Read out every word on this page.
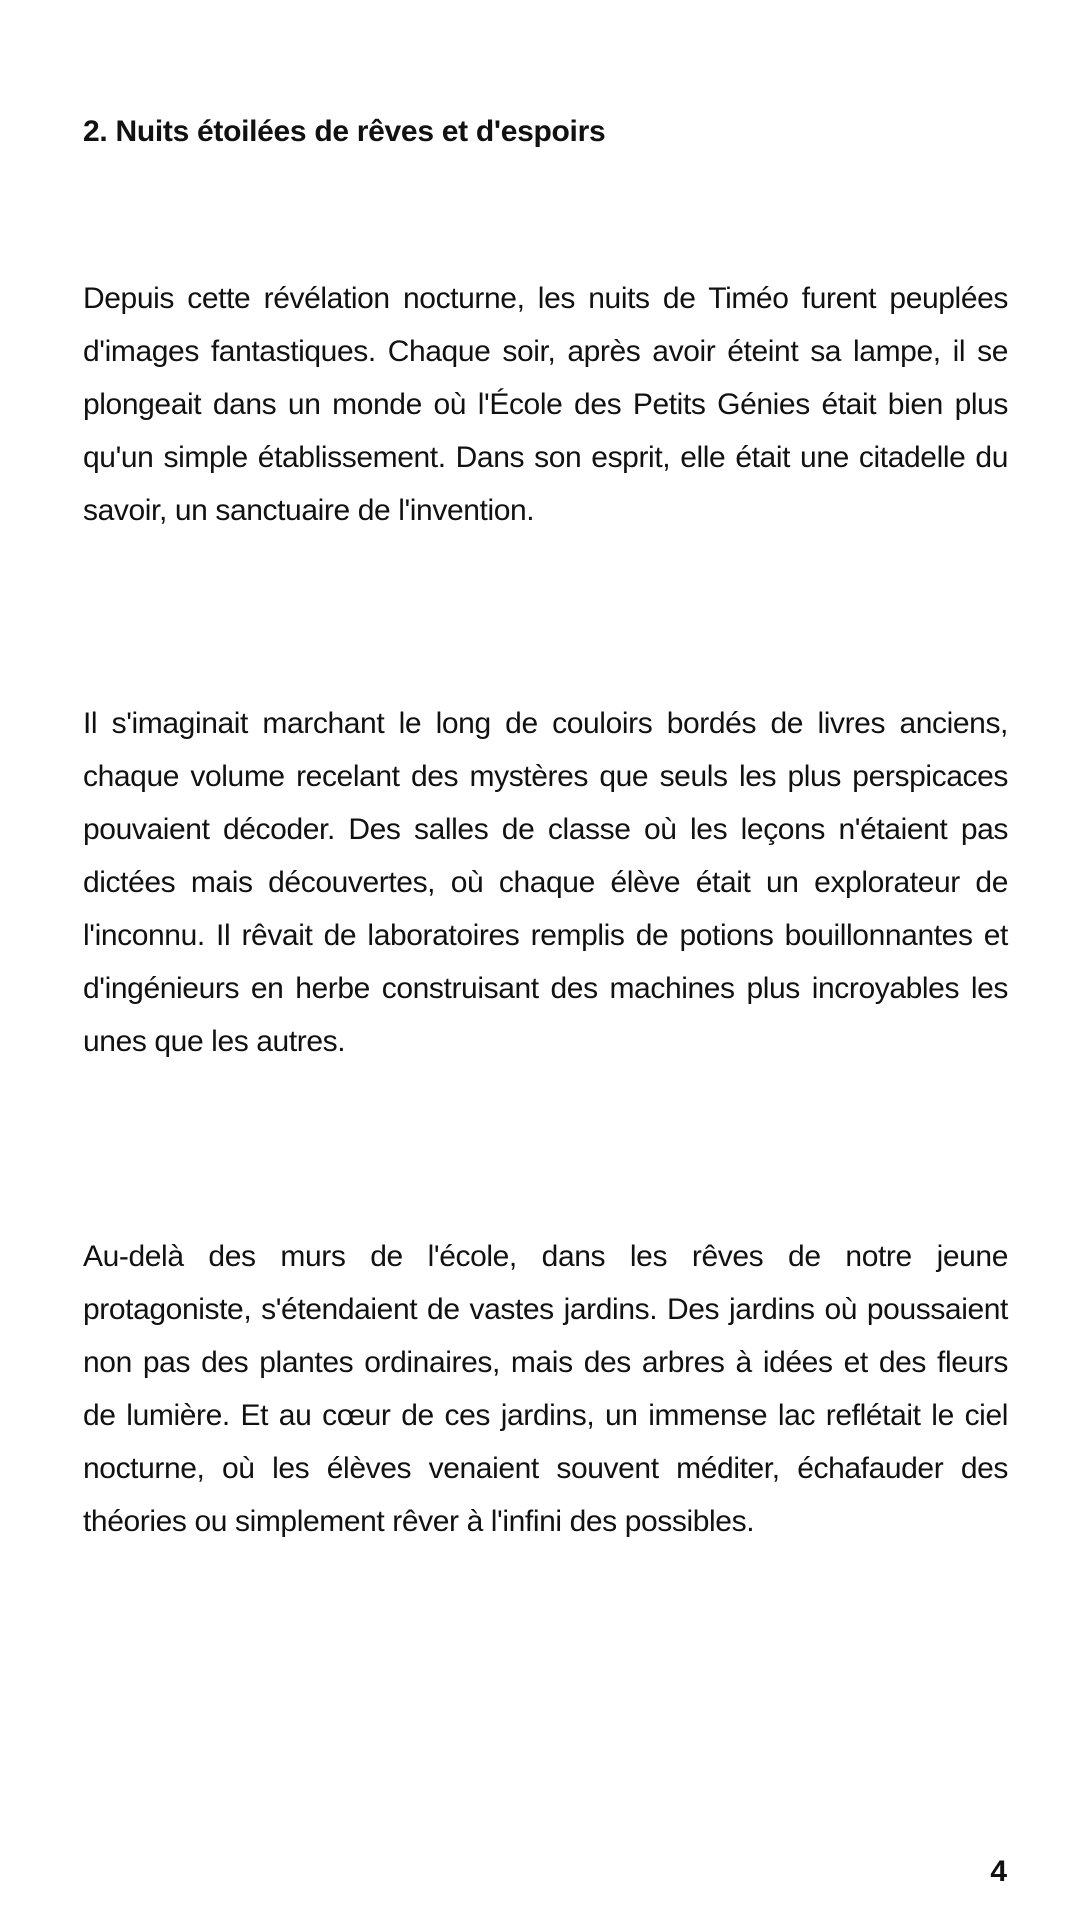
2. Nuits étoilées de rêves et d'espoirs

Depuis cette révélation nocturne, les nuits de Timéo furent peuplées d'images fantastiques. Chaque soir, après avoir éteint sa lampe, il se plongeait dans un monde où l'École des Petits Génies était bien plus qu'un simple établissement. Dans son esprit, elle était une citadelle du savoir, un sanctuaire de l'invention.

Il s'imaginait marchant le long de couloirs bordés de livres anciens, chaque volume recelant des mystères que seuls les plus perspicaces pouvaient décoder. Des salles de classe où les leçons n'étaient pas dictées mais découvertes, où chaque élève était un explorateur de l'inconnu. Il rêvait de laboratoires remplis de potions bouillonnantes et d'ingénieurs en herbe construisant des machines plus incroyables les unes que les autres.

Au-delà des murs de l'école, dans les rêves de notre jeune protagoniste, s'étendaient de vastes jardins. Des jardins où poussaient non pas des plantes ordinaires, mais des arbres à idées et des fleurs de lumière. Et au cœur de ces jardins, un immense lac reflétait le ciel nocturne, où les élèves venaient souvent méditer, échafauder des théories ou simplement rêver à l'infini des possibles.

4
